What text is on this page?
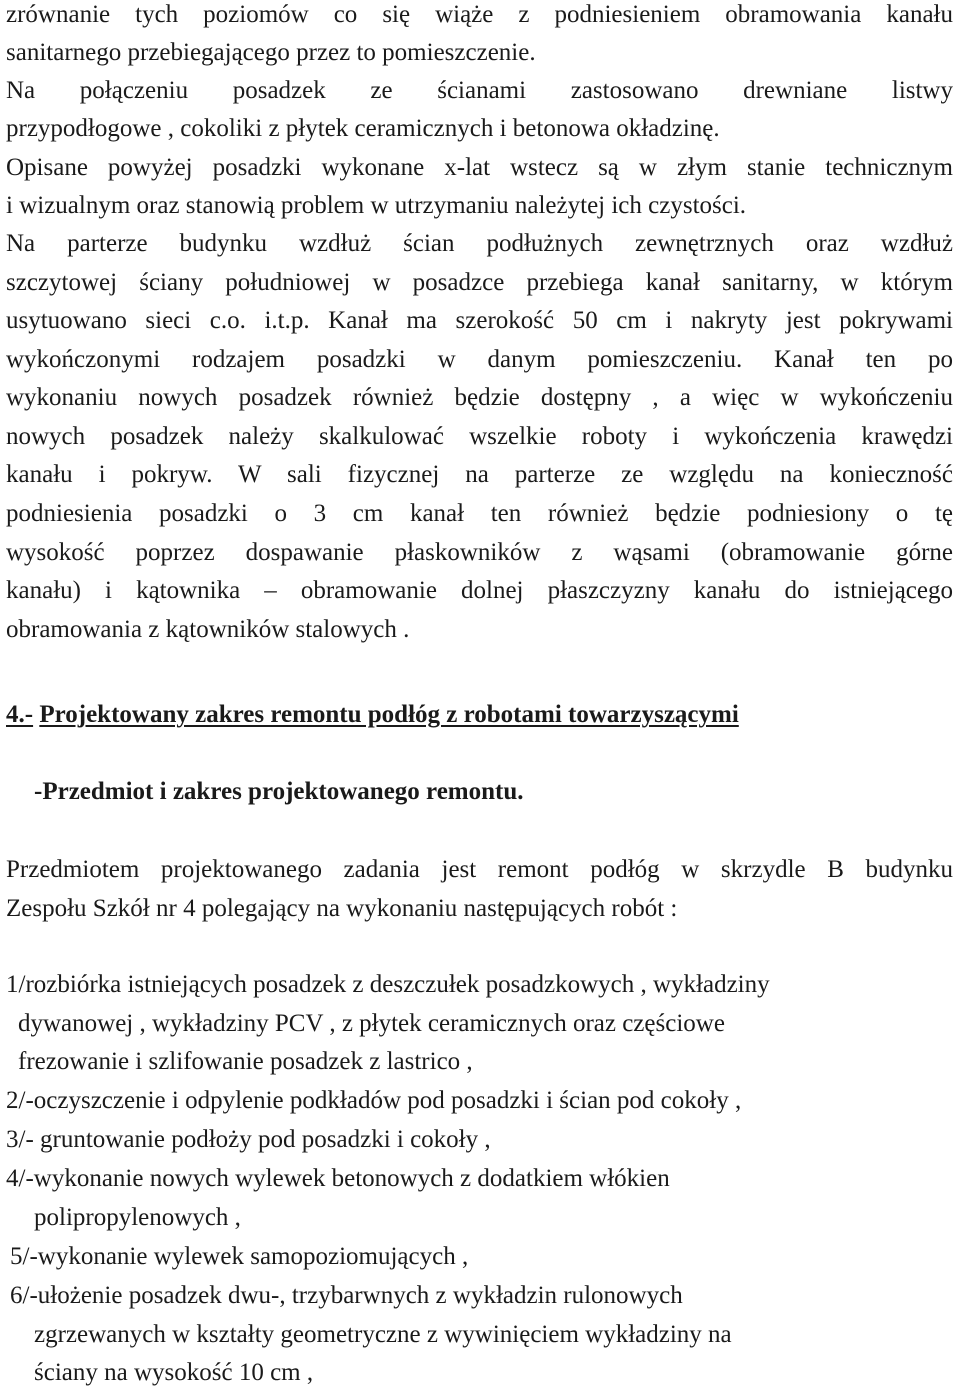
zrównanie tych poziomów co się wiąże z podniesieniem obramowania kanału
sanitarnego przebiegającego przez to pomieszczenie.
Na połączeniu posadzek ze ścianami zastosowano drewniane listwy
przypodłogowe , cokoliki z płytek ceramicznych i betonowa okładzinę.
Opisane powyżej posadzki wykonane x-lat wstecz są w złym stanie technicznym
i wizualnym oraz stanowią problem w utrzymaniu należytej ich czystości.
Na parterze budynku wzdłuż ścian podłużnych zewnętrznych oraz wzdłuż
szczytowej ściany południowej w posadzce przebiega kanał sanitarny, w którym
usytuowano sieci c.o. i.t.p. Kanał ma szerokość 50 cm i nakryty jest pokrywami
wykończonymi rodzajem posadzki w danym pomieszczeniu. Kanał ten po
wykonaniu nowych posadzek również będzie dostępny , a więc w wykończeniu
nowych posadzek należy skalkulować wszelkie roboty i wykończenia krawędzi
kanału i pokryw. W sali fizycznej na parterze ze względu na konieczność
podniesienia posadzki o 3 cm kanał ten również będzie podniesiony o tę
wysokość poprzez dospawanie płaskowników z wąsami (obramowanie górne
kanału) i kątownika – obramowanie dolnej płaszczyzny kanału do istniejącego
obramowania z kątowników stalowych .
4.- Projektowany zakres remontu podłóg z robotami towarzyszącymi
-Przedmiot i zakres projektowanego remontu.
Przedmiotem projektowanego zadania jest remont podłóg w skrzydle B budynku
Zespołu Szkół nr 4 polegający na wykonaniu następujących robót :
1/rozbiórka istniejących posadzek z deszczułek posadzkowych , wykładziny
dywanowej , wykładziny PCV , z płytek ceramicznych oraz częściowe
frezowanie i szlifowanie posadzek z lastrico ,
2/-oczyszczenie i odpylenie podkładów pod posadzki i ścian pod cokoły ,
3/- gruntowanie podłoży pod posadzki i cokoły ,
4/-wykonanie nowych wylewek betonowych z dodatkiem włókien
polipropylenowych ,
5/-wykonanie wylewek samopoziomujących ,
6/-ułożenie posadzek dwu-, trzybarwnych z wykładzin rulonowych
zgrzewanych w kształty geometryczne z wywinięciem wykładziny na
ściany na wysokość 10 cm ,
